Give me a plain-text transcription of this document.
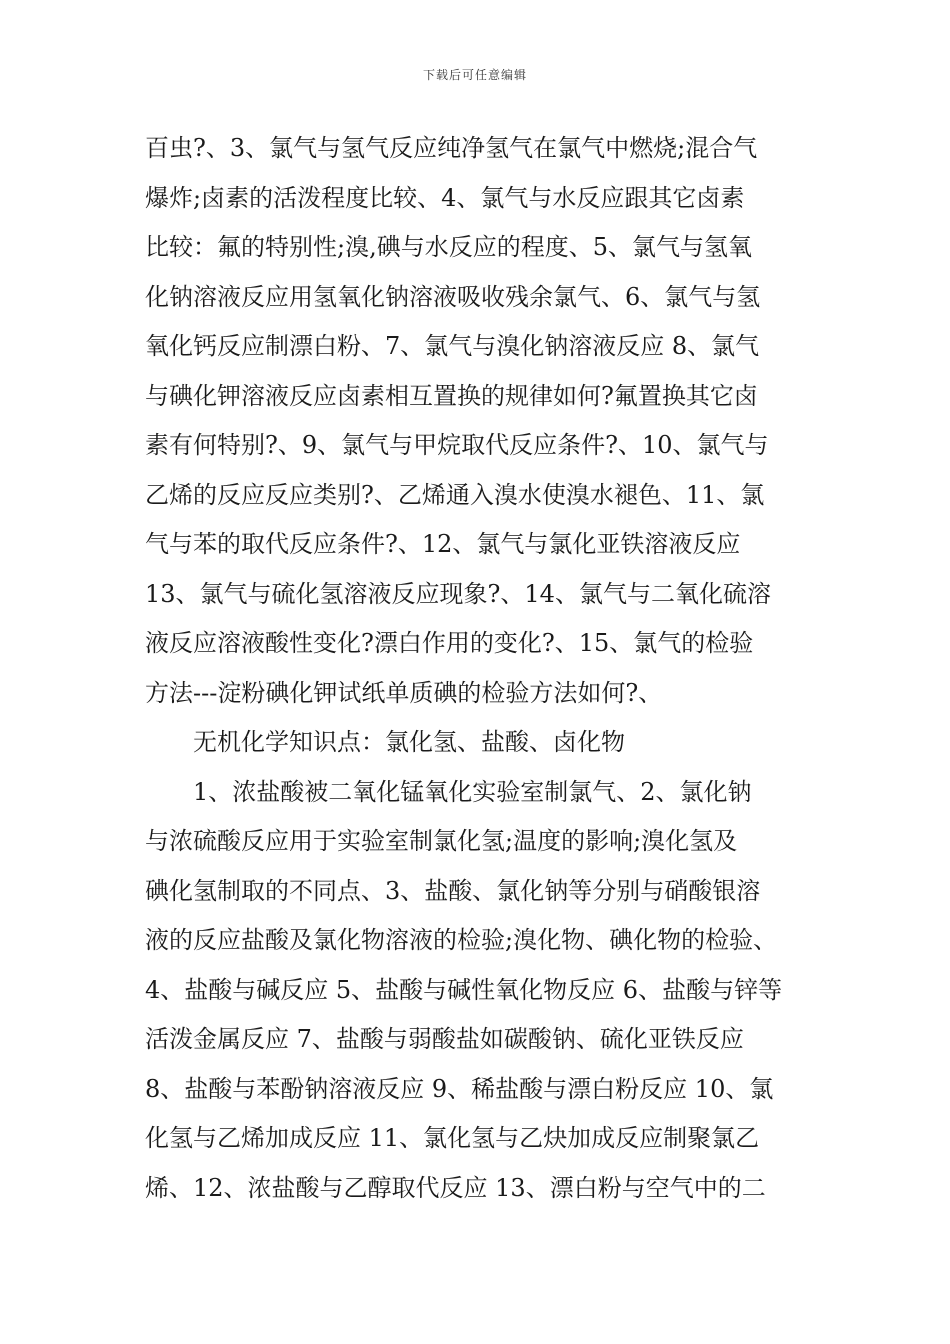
下载后可任意编辑
百虫?、3、氯气与氢气反应纯净氢气在氯气中燃烧;混合气
爆炸;卤素的活泼程度比较、4、氯气与水反应跟其它卤素
比较：氟的特别性;溴,碘与水反应的程度、5、氯气与氢氧
化钠溶液反应用氢氧化钠溶液吸收残余氯气、6、氯气与氢
氧化钙反应制漂白粉、7、氯气与溴化钠溶液反应 8、氯气
与碘化钾溶液反应卤素相互置换的规律如何?氟置换其它卤
素有何特别?、9、氯气与甲烷取代反应条件?、10、氯气与
乙烯的反应反应类别?、乙烯通入溴水使溴水褪色、11、氯
气与苯的取代反应条件?、12、氯气与氯化亚铁溶液反应
13、氯气与硫化氢溶液反应现象?、14、氯气与二氧化硫溶
液反应溶液酸性变化?漂白作用的变化?、15、氯气的检验
方法---淀粉碘化钾试纸单质碘的检验方法如何?、
无机化学知识点：氯化氢、盐酸、卤化物
1、浓盐酸被二氧化锰氧化实验室制氯气、2、氯化钠
与浓硫酸反应用于实验室制氯化氢;温度的影响;溴化氢及
碘化氢制取的不同点、3、盐酸、氯化钠等分别与硝酸银溶
液的反应盐酸及氯化物溶液的检验;溴化物、碘化物的检验、
4、盐酸与碱反应 5、盐酸与碱性氧化物反应 6、盐酸与锌等
活泼金属反应 7、盐酸与弱酸盐如碳酸钠、硫化亚铁反应
8、盐酸与苯酚钠溶液反应 9、稀盐酸与漂白粉反应 10、氯
化氢与乙烯加成反应 11、氯化氢与乙炔加成反应制聚氯乙
烯、12、浓盐酸与乙醇取代反应 13、漂白粉与空气中的二
